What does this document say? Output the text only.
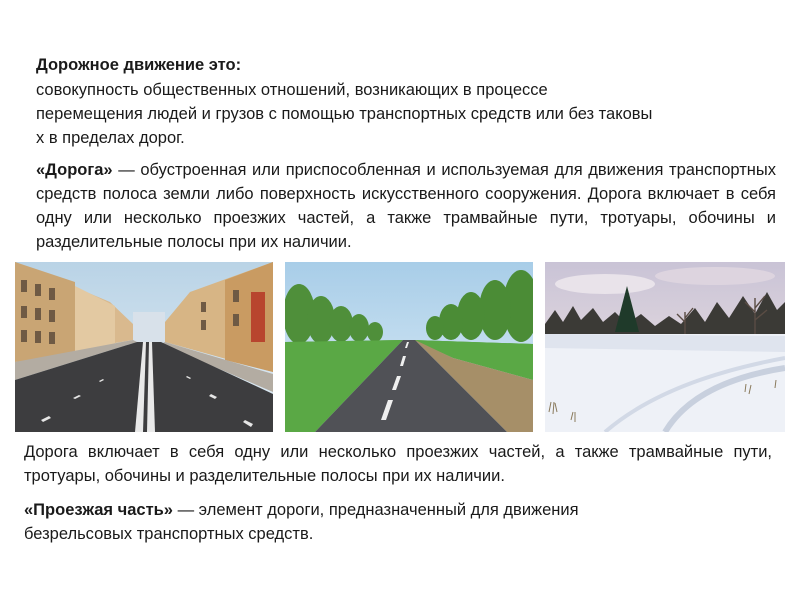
Дорожное движение это:
совокупность общественных отношений, возникающих в процессе
перемещения людей и грузов с помощью транспортных средств или без таковы
х в пределах дорог.
«Дорога» — обустроенная или приспособленная и используемая для движения транспортных средств полоса земли либо поверхность искусственного сооружения. Дорога включает в себя одну или несколько проезжих частей, а также трамвайные пути, тротуары, обочины и разделительные полосы при их наличии.
Дорога включает в себя одну или несколько проезжих частей, а также трамвайные пути, тротуары, обочины и разделительные полосы при их наличии.
«Проезжая часть» — элемент дороги, предназначенный для движения
безрельсовых транспортных средств.
